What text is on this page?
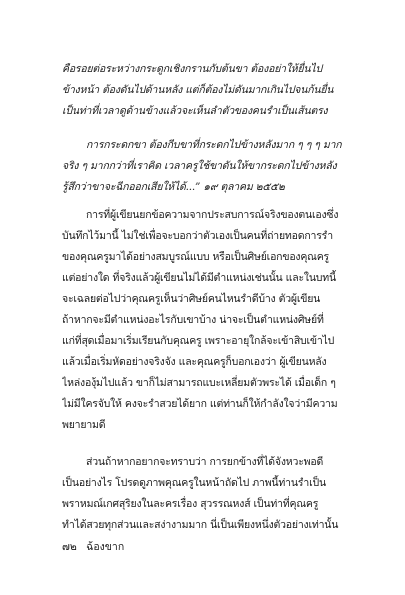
คือรอยต่อระหว่างกระดูกเชิงกรานกับต้นขา ต้องอย่าให้ยื่นไป
ข้างหน้า ต้องดันไปด้านหลัง แต่ก็ต้องไม่ดันมากเกินไปจนก้นยื่น
เป็นท่าที่เวลาดูด้านข้างแล้วจะเห็นลำตัวของคนรำเป็นเส้นตรง
การกระดกขา ต้องกีบขาที่กระดกไปข้างหลังมาก ๆ ๆ ๆ มาก
จริง ๆ มากกว่าที่เราคิด เวลาครูใช้ขาดันให้ขากระดกไปข้างหลัง
รู้สึกว่าขาจะฉีกออกเสียให้ได้...” ๑๙ ตุลาคม ๒๕๕๒
การที่ผู้เขียนยกข้อความจากประสบการณ์จริงของตนเองซึ่ง
บันทึกไว้มานี้ ไม่ใช่เพื่อจะบอกว่าตัวเองเป็นคนที่ถ่ายทอดการรำ
ของคุณครูมาได้อย่างสมบูรณ์แบบ หรือเป็นศิษย์เอกของคุณครู
แต่อย่างใด ที่จริงแล้วผู้เขียนไม่ได้มีตำแหน่งเช่นนั้น และในบทนี้
จะเฉลยต่อไปว่าคุณครูเห็นว่าศิษย์คนไหนรำดีบ้าง ตัวผู้เขียน
ถ้าหากจะมีตำแหน่งอะไรกับเขาบ้าง น่าจะเป็นตำแหน่งศิษย์ที่
แก่ที่สุดเมื่อมาเริ่มเรียนกับคุณครู เพราะอายุใกล้จะเข้าสิบเข้าไป
แล้วเมื่อเริ่มหัดอย่างจริงจัง และคุณครูก็บอกเองว่า ผู้เขียนหลัง
ไหล่งองุ้มไปแล้ว ขาก็ไม่สามารถแบะเหลี่ยมตัวพระได้ เมื่อเด็ก ๆ
ไม่มีใครจับให้ คงจะรำสวยได้ยาก แต่ท่านก็ให้กำลังใจว่ามีความ
พยายามดี
ส่วนถ้าหากอยากจะทราบว่า การยกข้างที่ได้จังหวะพอดี
เป็นอย่างไร โปรดดูภาพคุณครูในหน้าถัดไป ภาพนี้ท่านรำเป็น
พราหมณ์เกศสุริยงในละครเรื่อง สุวรรณหงส์ เป็นท่าที่คุณครู
ทำได้สวยทุกส่วนและสง่างามมาก นี่เป็นเพียงหนึ่งตัวอย่างเท่านั้น
๗๒ ฉ้องขาก
